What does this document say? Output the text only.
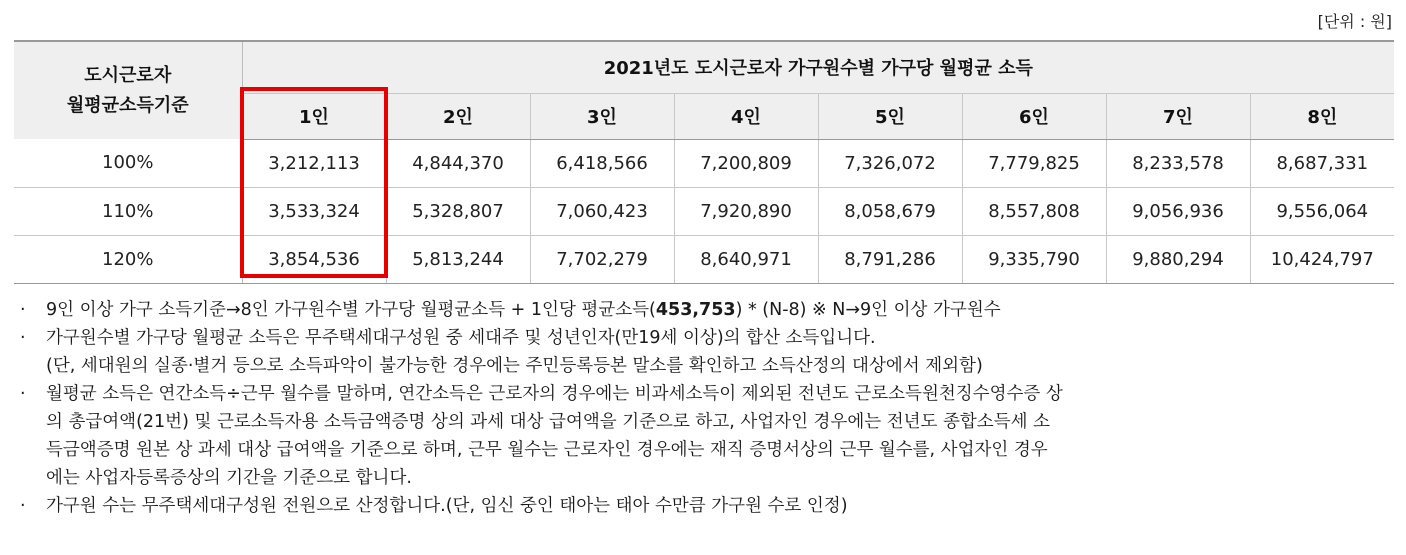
[단위 : 원]
도시근로자
월평균소득기준	2021년도 도시근로자 가구원수별 가구당 월평균 소득							
	1인	2인	3인	4인	5인	6인	7인	8인
100%	3,212,113	4,844,370	6,418,566	7,200,809	7,326,072	7,779,825	8,233,578	8,687,331
110%	3,533,324	5,328,807	7,060,423	7,920,890	8,058,679	8,557,808	9,056,936	9,556,064
120%	3,854,536	5,813,244	7,702,279	8,640,971	8,791,286	9,335,790	9,880,294	10,424,797
·	9인 이상 가구 소득기준→8인 가구원수별 가구당 월평균소득 + 1인당 평균소득(453,753) * (N-8) ※ N→9인 이상 가구원수
·	가구원수별 가구당 월평균 소득은 무주택세대구성원 중 세대주 및 성년인자(만19세 이상)의 합산 소득입니다.
(단, 세대원의 실종·별거 등으로 소득파악이 불가능한 경우에는 주민등록등본 말소를 확인하고 소득산정의 대상에서 제외함)
·	월평균 소득은 연간소득÷근무 월수를 말하며, 연간소득은 근로자의 경우에는 비과세소득이 제외된 전년도 근로소득원천징수영수증 상
의 총급여액(21번) 및 근로소득자용 소득금액증명 상의 과세 대상 급여액을 기준으로 하고, 사업자인 경우에는 전년도 종합소득세 소
득금액증명 원본 상 과세 대상 급여액을 기준으로 하며, 근무 월수는 근로자인 경우에는 재직 증명서상의 근무 월수를, 사업자인 경우
에는 사업자등록증상의 기간을 기준으로 합니다.
·	가구원 수는 무주택세대구성원 전원으로 산정합니다.(단, 임신 중인 태아는 태아 수만큼 가구원 수로 인정)
